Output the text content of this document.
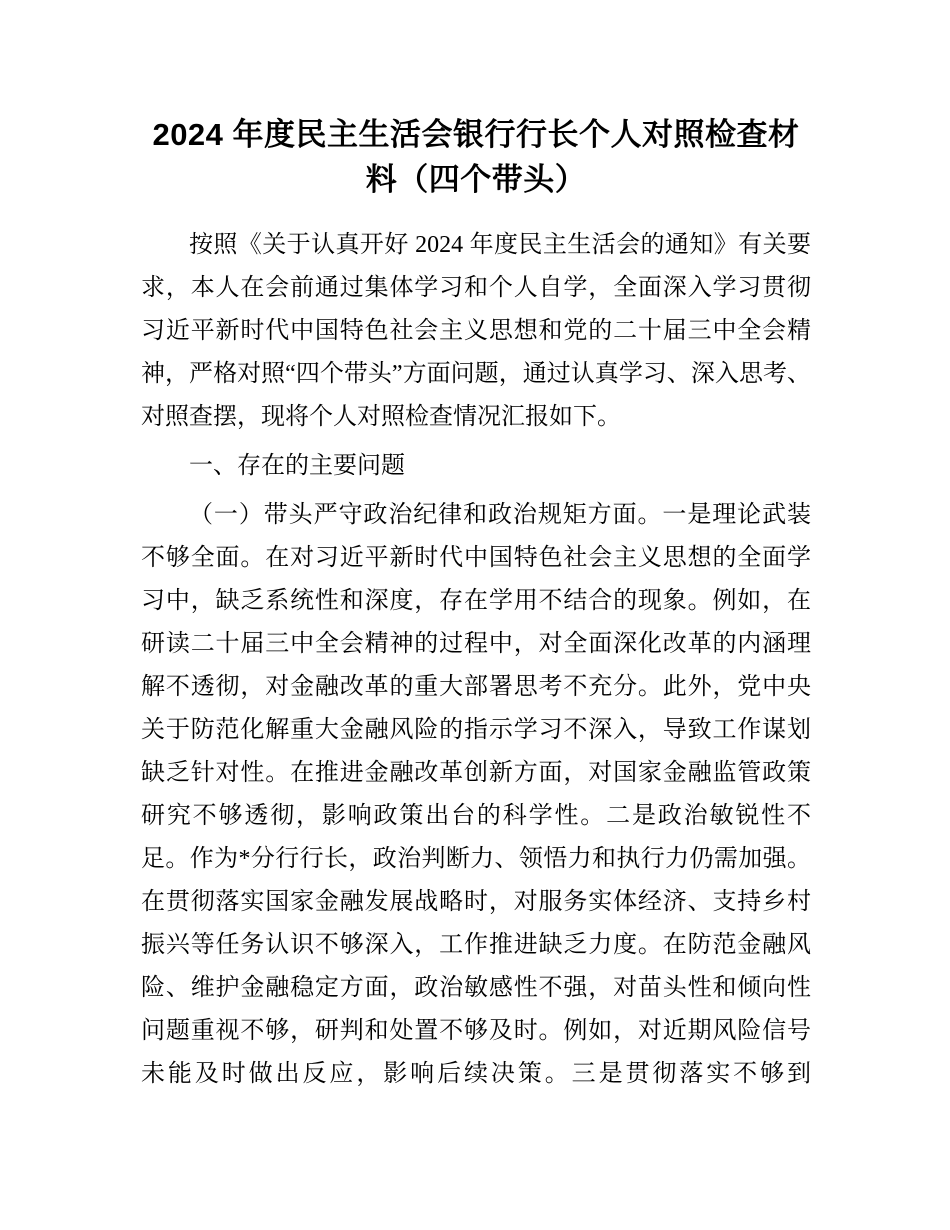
2024 年度民主生活会银行行长个人对照检查材料（四个带头）

按照《关于认真开好 2024 年度民主生活会的通知》有关要求，本人在会前通过集体学习和个人自学，全面深入学习贯彻习近平新时代中国特色社会主义思想和党的二十届三中全会精神，严格对照“四个带头”方面问题，通过认真学习、深入思考、对照查摆，现将个人对照检查情况汇报如下。

一、存在的主要问题

（一）带头严守政治纪律和政治规矩方面。一是理论武装不够全面。在对习近平新时代中国特色社会主义思想的全面学习中，缺乏系统性和深度，存在学用不结合的现象。例如，在研读二十届三中全会精神的过程中，对全面深化改革的内涵理解不透彻，对金融改革的重大部署思考不充分。此外，党中央关于防范化解重大金融风险的指示学习不深入，导致工作谋划缺乏针对性。在推进金融改革创新方面，对国家金融监管政策研究不够透彻，影响政策出台的科学性。二是政治敏锐性不足。作为*分行行长，政治判断力、领悟力和执行力仍需加强。在贯彻落实国家金融发展战略时，对服务实体经济、支持乡村振兴等任务认识不够深入，工作推进缺乏力度。在防范金融风险、维护金融稳定方面，政治敏感性不强，对苗头性和倾向性问题重视不够，研判和处置不够及时。例如，对近期风险信号未能及时做出反应，影响后续决策。三是贯彻落实不够到
